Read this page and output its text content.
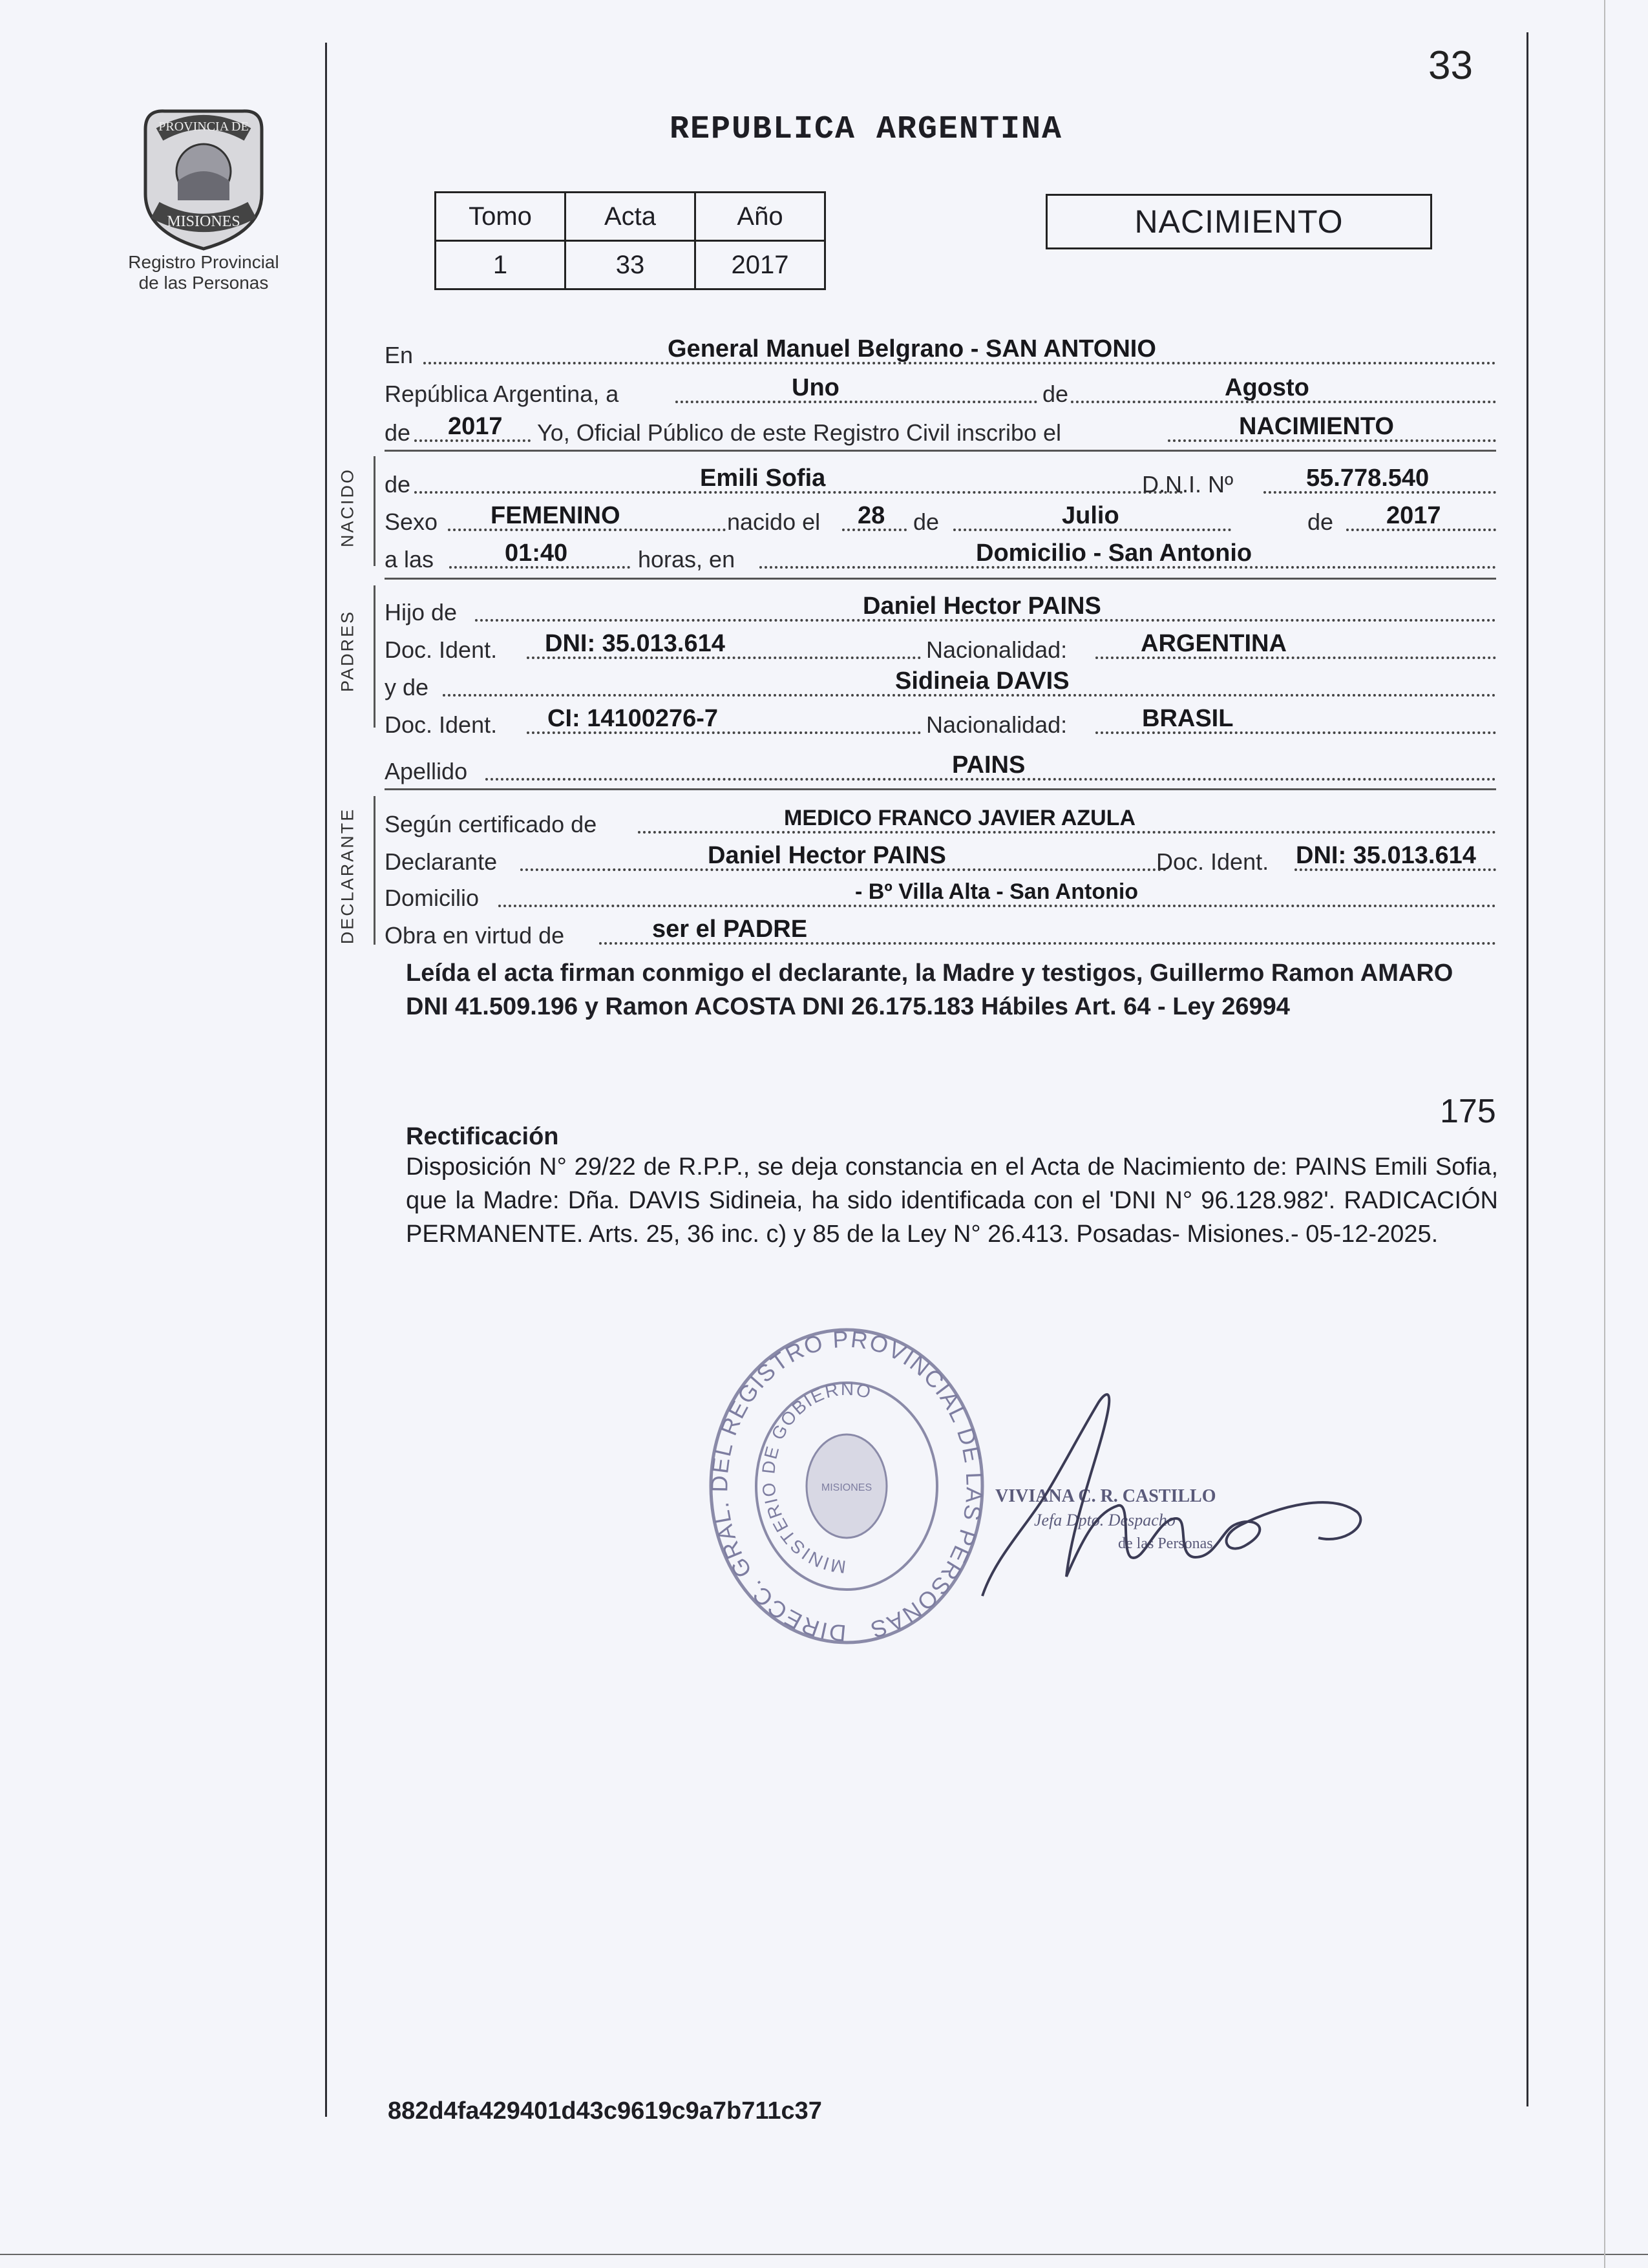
33
PROVINCIA DE
MISIONES
Registro Provincial
de las Personas
REPUBLICA ARGENTINA
Tomo	Acta	Año
1	33	2017
NACIMIENTO
En	General Manuel Belgrano - SAN ANTONIO
República Argentina, a	Uno	de	Agosto
de 2017 Yo, Oficial Público de este Registro Civil inscribo el	NACIMIENTO
NACIDO de	Emili Sofia	D.N.I. Nº	55.778.540
Sexo FEMENINO	nacido el 28 de	Julio	de 2017
a las	01:40	horas, en	Domicilio - San Antonio
PADRES Hijo de	Daniel Hector PAINS
Doc. Ident. DNI: 35.013.614	Nacionalidad:	ARGENTINA
y de	Sidineia DAVIS
Doc. Ident. CI: 14100276-7	Nacionalidad:	BRASIL
Apellido	PAINS
DECLARANTE Según certificado de	MEDICO FRANCO JAVIER AZULA
Declarante	Daniel Hector PAINS	Doc. Ident. DNI: 35.013.614
Domicilio	- Bº Villa Alta - San Antonio
Obra en virtud de	ser el PADRE
Leída el acta firman conmigo el declarante, la Madre y testigos, Guillermo Ramon AMARO DNI 41.509.196 y Ramon ACOSTA DNI 26.175.183 Hábiles Art. 64 - Ley 26994
175
Rectificación
Disposición N° 29/22 de R.P.P., se deja constancia en el Acta de Nacimiento de: PAINS Emili Sofia, que la Madre: Dña. DAVIS Sidineia, ha sido identificada con el 'DNI N° 96.128.982'. RADICACIÓN PERMANENTE. Arts. 25, 36 inc. c) y 85 de la Ley N° 26.413. Posadas- Misiones.- 05-12-2025.
DIRECC. GRAL. DEL REGISTRO PROVINCIAL DE LAS PERSONAS
MINISTERIO DE GOBIERNO
MISIONES	VIVIANA C. R. CASTILLO
Jefa Dpto. Despacho
de las Personas
882d4fa429401d43c9619c9a7b711c37
